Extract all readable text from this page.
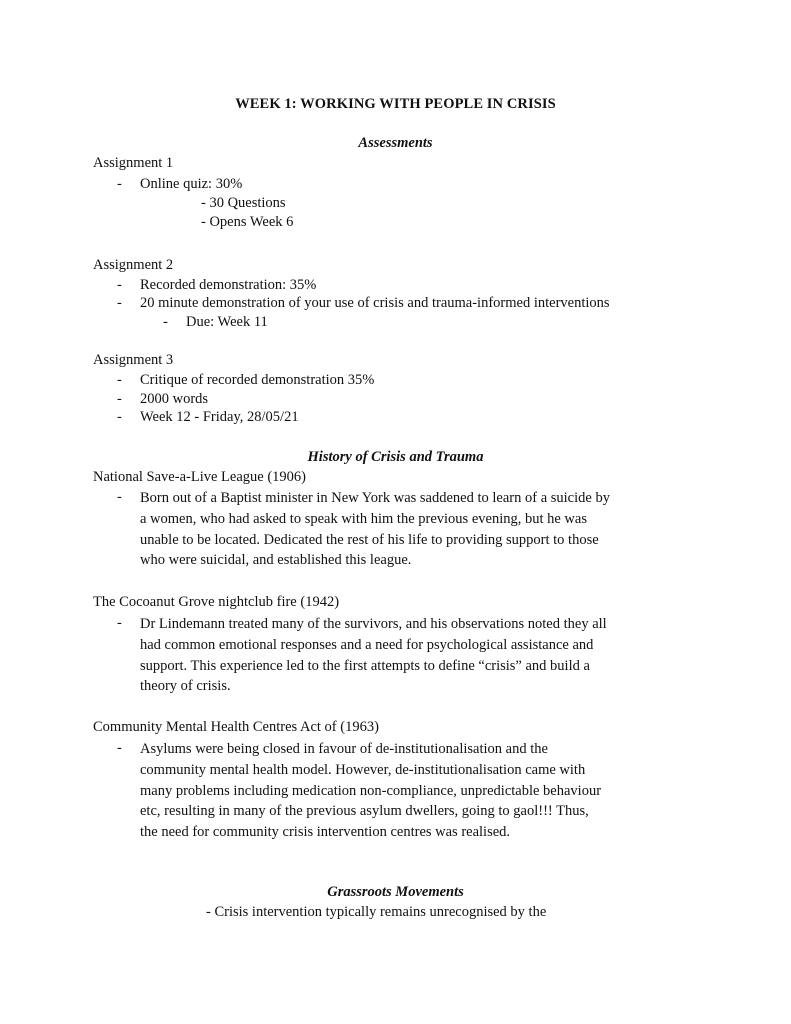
WEEK 1: WORKING WITH PEOPLE IN CRISIS
Assessments
Assignment 1
- Online quiz: 30%
- 30 Questions
- Opens Week 6
Assignment 2
- Recorded demonstration: 35%
- 20 minute demonstration of your use of crisis and trauma-informed interventions
- Due: Week 11
Assignment 3
- Critique of recorded demonstration 35%
- 2000 words
- Week 12 - Friday, 28/05/21
History of Crisis and Trauma
National Save-a-Live League (1906)
- Born out of a Baptist minister in New York was saddened to learn of a suicide by a women, who had asked to speak with him the previous evening, but he was unable to be located. Dedicated the rest of his life to providing support to those who were suicidal, and established this league.
The Cocoanut Grove nightclub fire (1942)
- Dr Lindemann treated many of the survivors, and his observations noted they all had common emotional responses and a need for psychological assistance and support. This experience led to the first attempts to define “crisis” and build a theory of crisis.
Community Mental Health Centres Act of (1963)
- Asylums were being closed in favour of de-institutionalisation and the community mental health model. However, de-institutionalisation came with many problems including medication non-compliance, unpredictable behaviour etc, resulting in many of the previous asylum dwellers, going to gaol!!! Thus, the need for community crisis intervention centres was realised.
Grassroots Movements
- Crisis intervention typically remains unrecognised by the
